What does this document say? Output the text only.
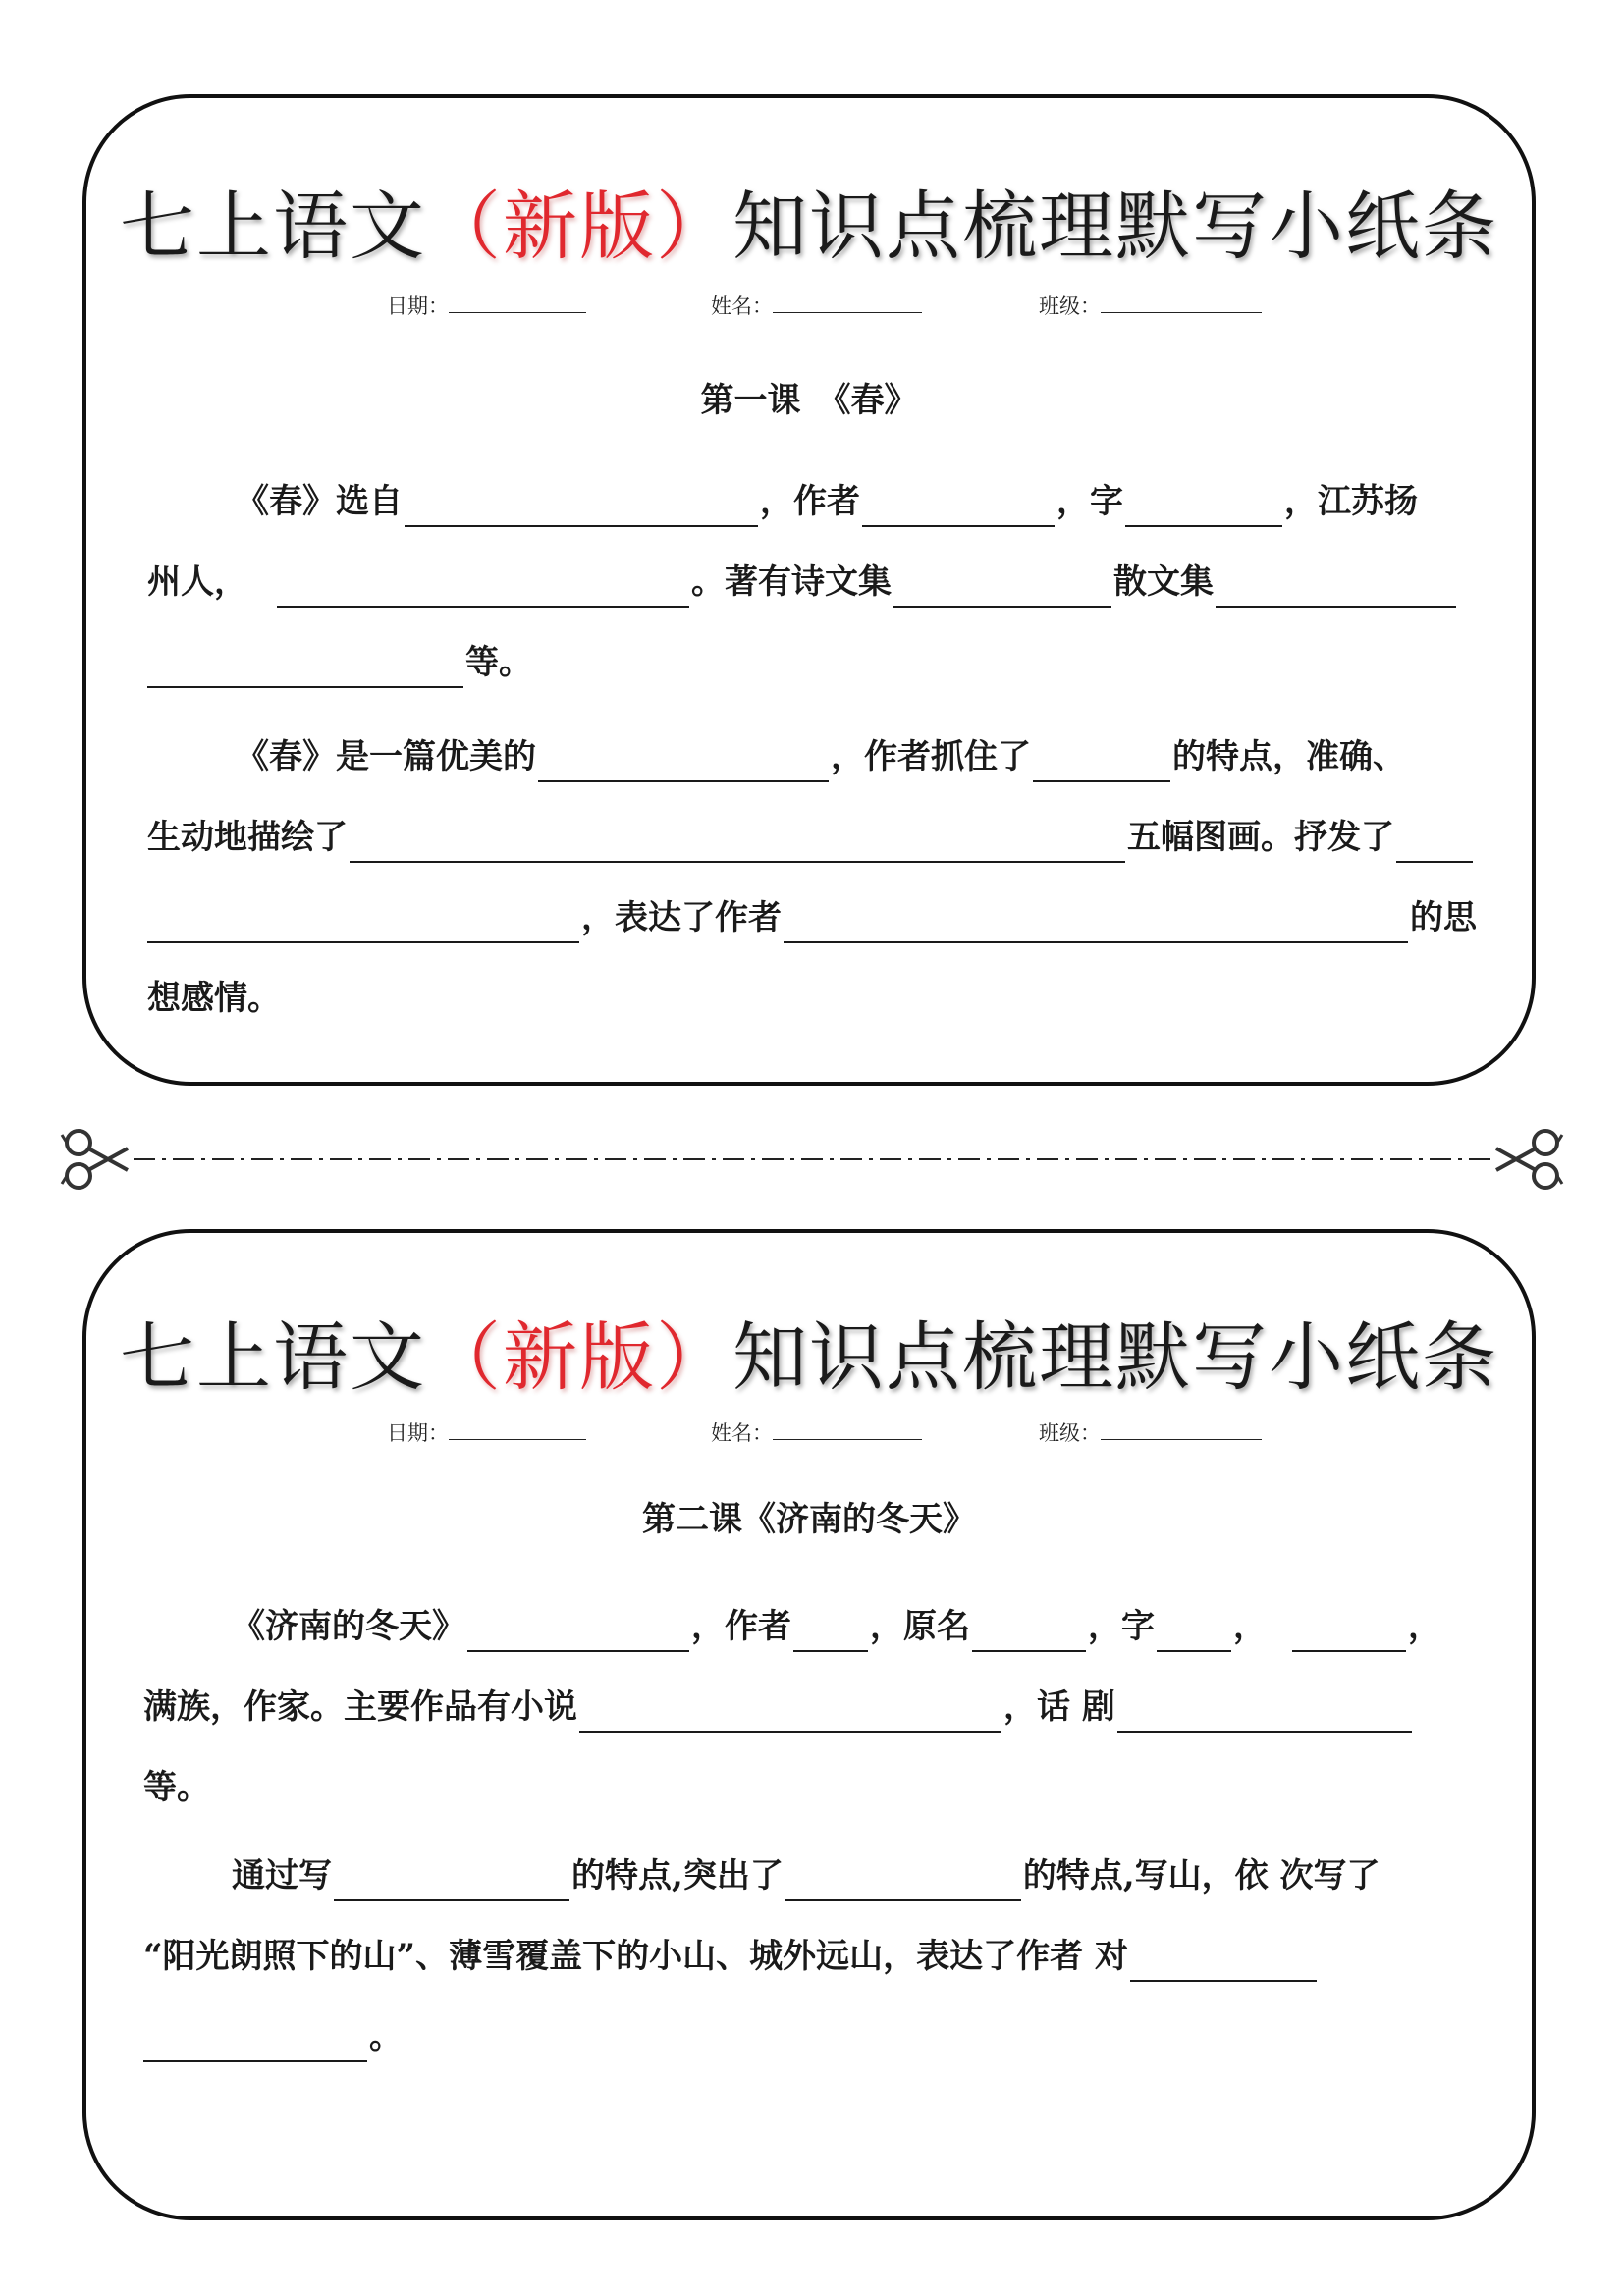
七上语文（新版）知识点梳理默写小纸条
日期：	姓名：	班级：
第一课　《春》
《春》选自	，作者	，字	，江苏扬
州人，	。著有诗文集	散文集
等。
《春》是一篇优美的	，作者抓住了	的特点，准确、
生动地描绘了	五幅图画。抒发了
，表达了作者	的思
想感情。
七上语文（新版）知识点梳理默写小纸条
日期：	姓名：	班级：
第二课《济南的冬天》
《济南的冬天》	，作者 ，原名	，字 ，	，
满族，作家。主要作品有小说	，话 剧
等。
通过写	的特点,突出了	的特点,写山，依 次写了
“阳光朗照下的山”、薄雪覆盖下的小山、城外远山，表达了作者 对
。
